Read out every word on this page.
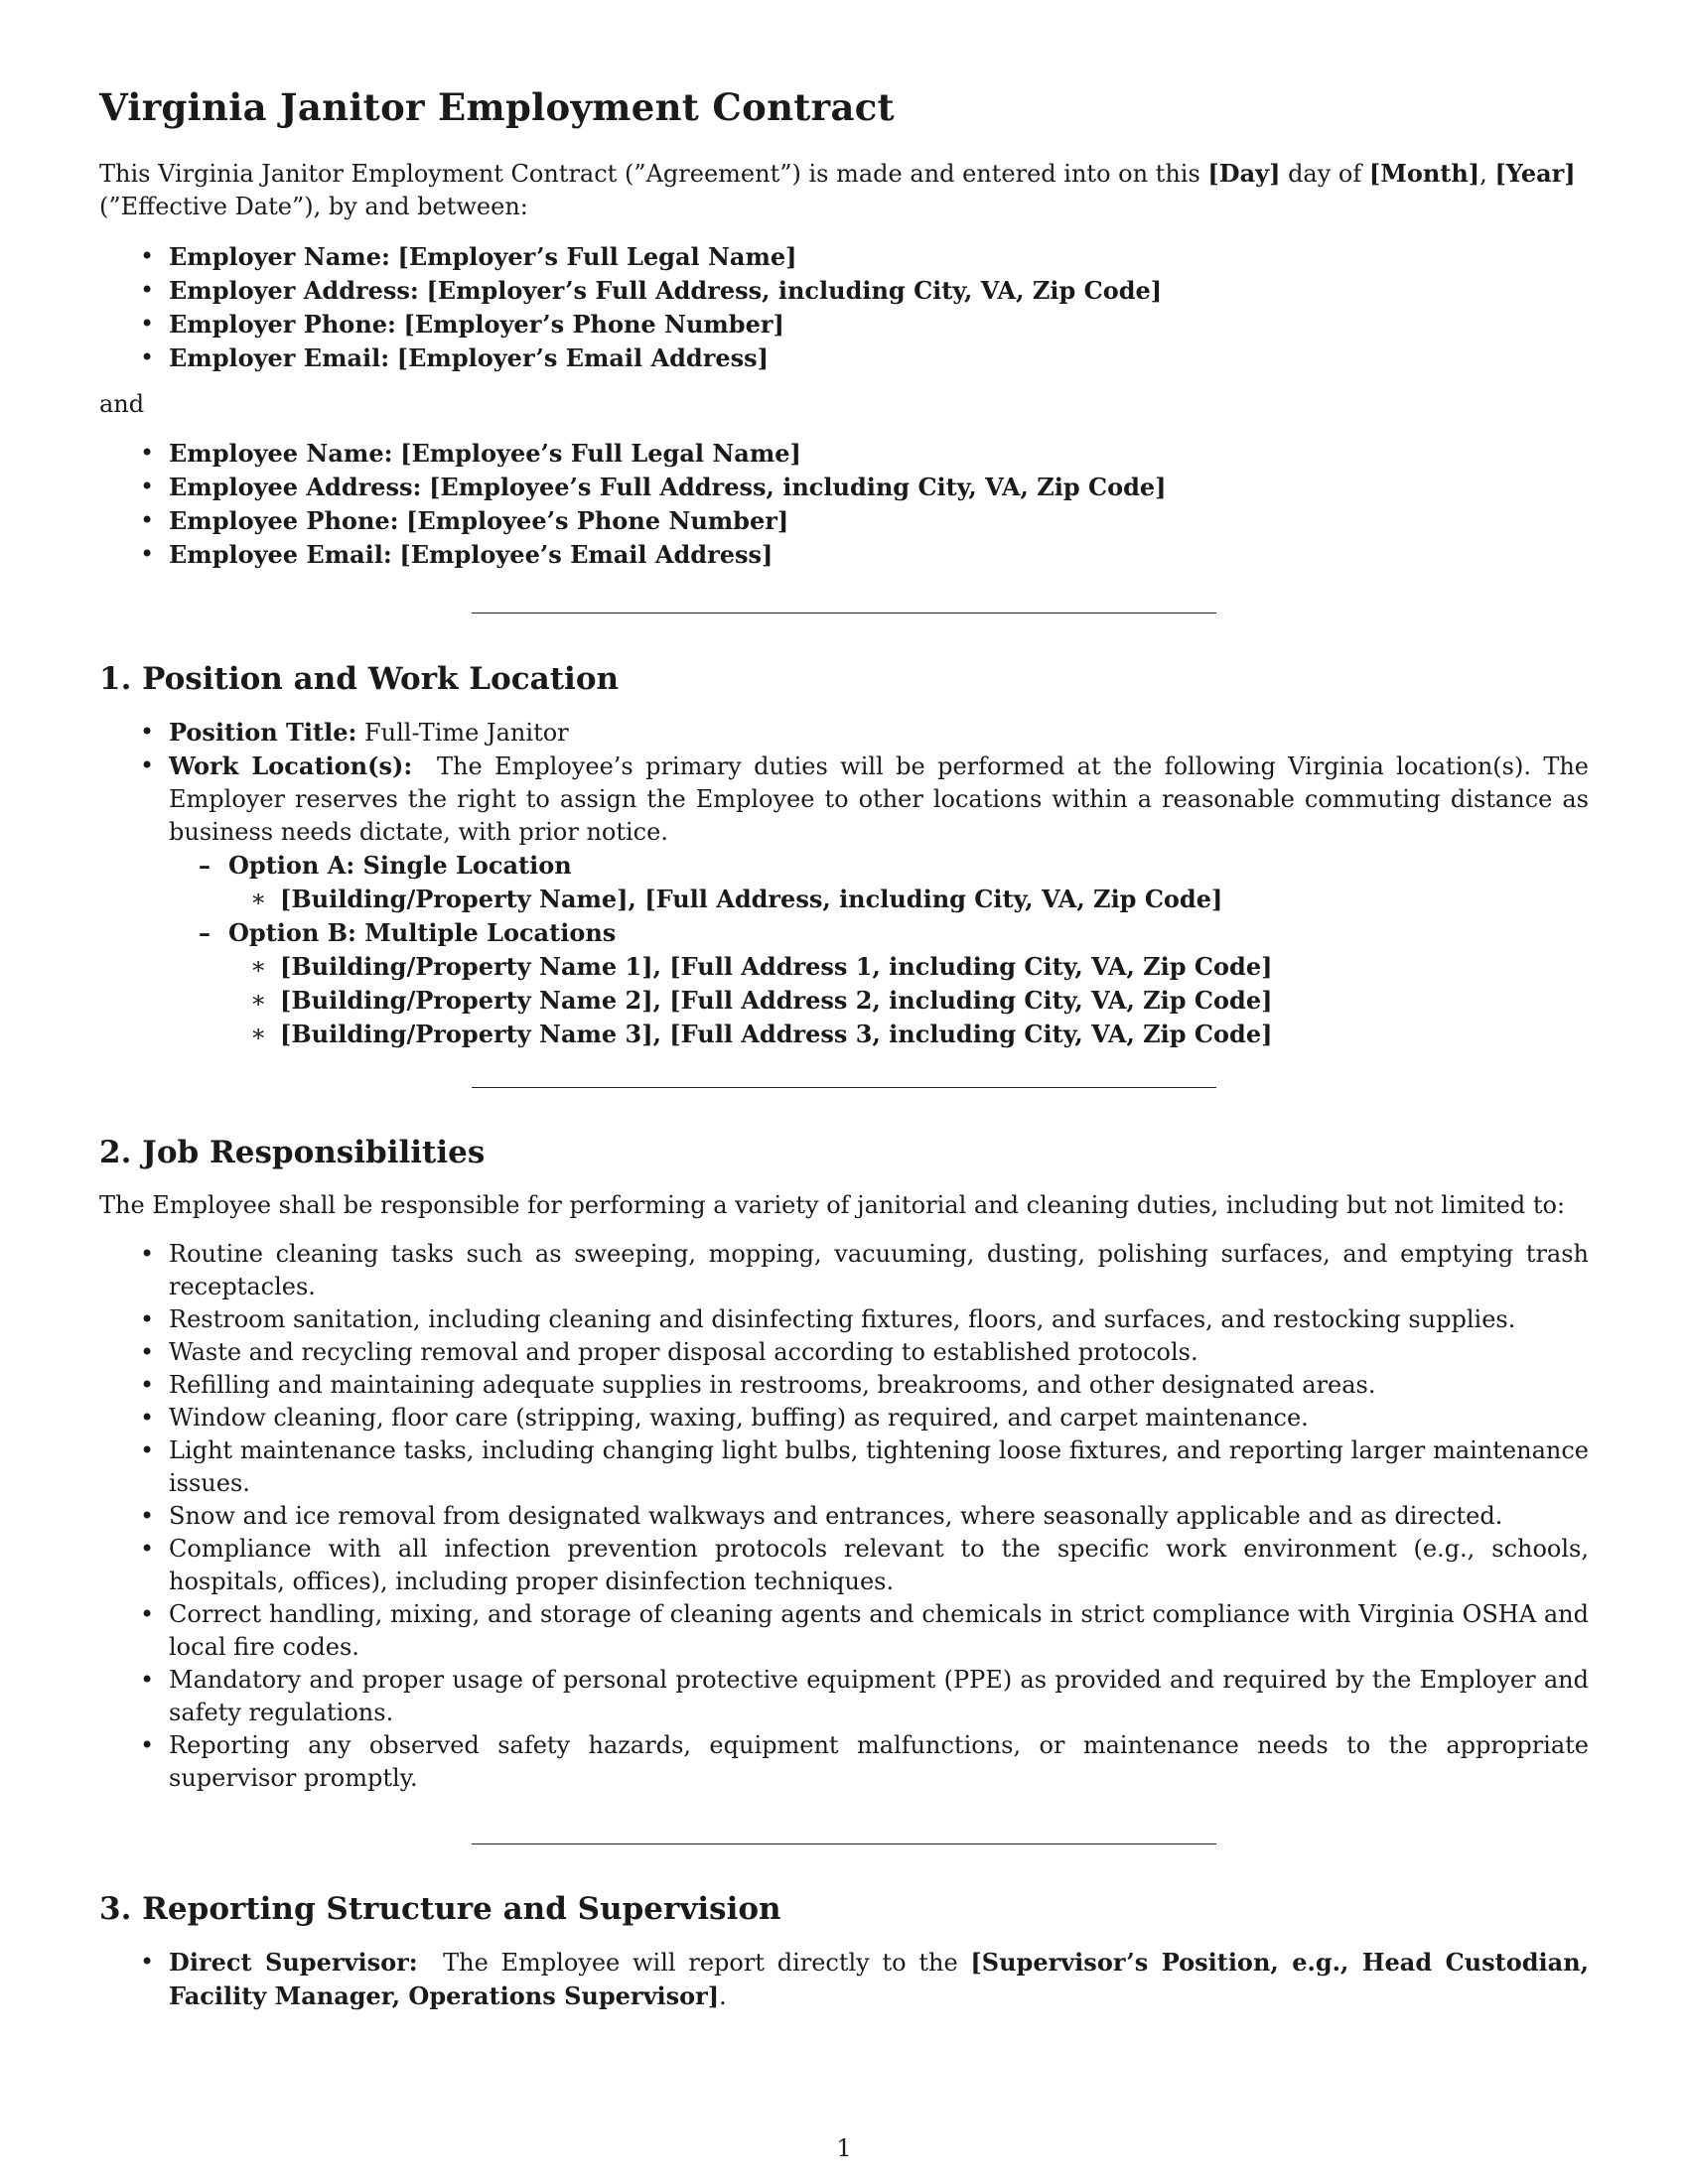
Virginia Janitor Employment Contract

This Virginia Janitor Employment Contract (”Agreement”) is made and entered into on this [Day] day of [Month], [Year] (”Effective Date”), by and between:

• Employer Name: [Employer’s Full Legal Name]
• Employer Address: [Employer’s Full Address, including City, VA, Zip Code]
• Employer Phone: [Employer’s Phone Number]
• Employer Email: [Employer’s Email Address]

and

• Employee Name: [Employee’s Full Legal Name]
• Employee Address: [Employee’s Full Address, including City, VA, Zip Code]
• Employee Phone: [Employee’s Phone Number]
• Employee Email: [Employee’s Email Address]
1. Position and Work Location
• Position Title: Full-Time Janitor
• Work Location(s): The Employee’s primary duties will be performed at the following Virginia location(s). The Employer reserves the right to assign the Employee to other locations within a reasonable commuting distance as business needs dictate, with prior notice.
– Option A: Single Location
∗ [Building/Property Name], [Full Address, including City, VA, Zip Code]
– Option B: Multiple Locations
∗ [Building/Property Name 1], [Full Address 1, including City, VA, Zip Code]
∗ [Building/Property Name 2], [Full Address 2, including City, VA, Zip Code]
∗ [Building/Property Name 3], [Full Address 3, including City, VA, Zip Code]
2. Job Responsibilities

The Employee shall be responsible for performing a variety of janitorial and cleaning duties, including but not limited to:

• Routine cleaning tasks such as sweeping, mopping, vacuuming, dusting, polishing surfaces, and emptying trash receptacles.
• Restroom sanitation, including cleaning and disinfecting fixtures, floors, and surfaces, and restocking supplies.
• Waste and recycling removal and proper disposal according to established protocols.
• Refilling and maintaining adequate supplies in restrooms, breakrooms, and other designated areas.
• Window cleaning, floor care (stripping, waxing, buffing) as required, and carpet maintenance.
• Light maintenance tasks, including changing light bulbs, tightening loose fixtures, and reporting larger maintenance issues.
• Snow and ice removal from designated walkways and entrances, where seasonally applicable and as directed.
• Compliance with all infection prevention protocols relevant to the specific work environment (e.g., schools, hospitals, offices), including proper disinfection techniques.
• Correct handling, mixing, and storage of cleaning agents and chemicals in strict compliance with Virginia OSHA and local fire codes.
• Mandatory and proper usage of personal protective equipment (PPE) as provided and required by the Employer and safety regulations.
• Reporting any observed safety hazards, equipment malfunctions, or maintenance needs to the appropriate supervisor promptly.
3. Reporting Structure and Supervision
• Direct Supervisor: The Employee will report directly to the [Supervisor’s Position, e.g., Head Custodian, Facility Manager, Operations Supervisor].
1
